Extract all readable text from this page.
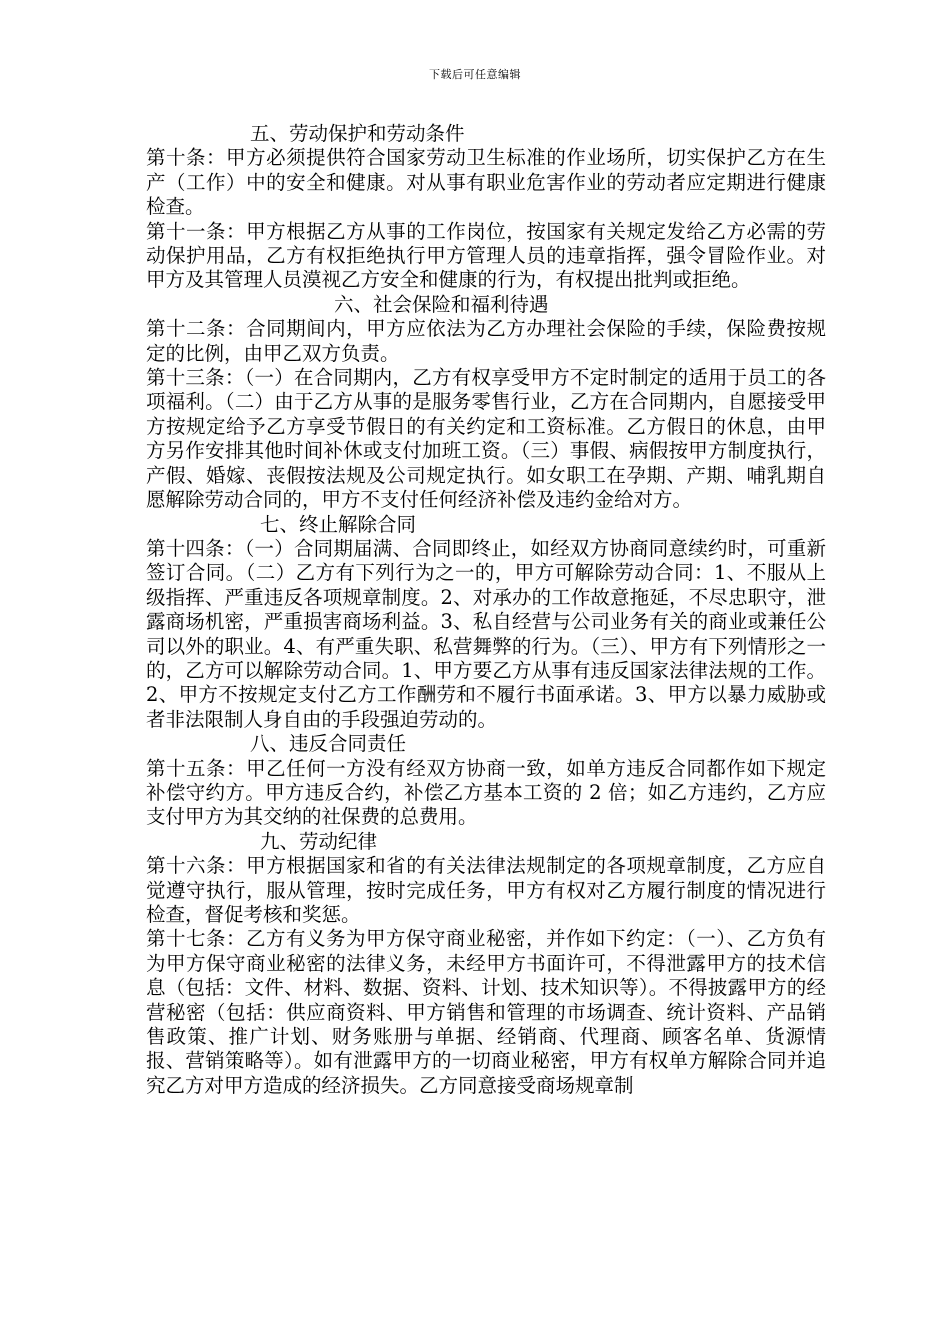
下载后可任意编辑
五、劳动保护和劳动条件

第十条：甲方必须提供符合国家劳动卫生标准的作业场所，切实保护乙方在生产（工作）中的安全和健康。对从事有职业危害作业的劳动者应定期进行健康检查。

第十一条：甲方根据乙方从事的工作岗位，按国家有关规定发给乙方必需的劳动保护用品，乙方有权拒绝执行甲方管理人员的违章指挥，强令冒险作业。对甲方及其管理人员漠视乙方安全和健康的行为，有权提出批判或拒绝。

六、社会保险和福利待遇

第十二条：合同期间内，甲方应依法为乙方办理社会保险的手续，保险费按规定的比例，由甲乙双方负责。

第十三条：（一）在合同期内，乙方有权享受甲方不定时制定的适用于员工的各项福利。（二）由于乙方从事的是服务零售行业，乙方在合同期内，自愿接受甲方按规定给予乙方享受节假日的有关约定和工资标准。乙方假日的休息，由甲方另作安排其他时间补休或支付加班工资。（三）事假、病假按甲方制度执行，产假、婚嫁、丧假按法规及公司规定执行。如女职工在孕期、产期、哺乳期自愿解除劳动合同的，甲方不支付任何经济补偿及违约金给对方。

七、终止解除合同

第十四条：（一）合同期届满、合同即终止，如经双方协商同意续约时，可重新签订合同。（二）乙方有下列行为之一的，甲方可解除劳动合同：1、不服从上级指挥、严重违反各项规章制度。2、对承办的工作故意拖延，不尽忠职守，泄露商场机密，严重损害商场利益。3、私自经营与公司业务有关的商业或兼任公司以外的职业。4、有严重失职、私营舞弊的行为。（三）、甲方有下列情形之一的，乙方可以解除劳动合同。1、甲方要乙方从事有违反国家法律法规的工作。2、甲方不按规定支付乙方工作酬劳和不履行书面承诺。3、甲方以暴力威胁或者非法限制人身自由的手段强迫劳动的。

八、违反合同责任

第十五条：甲乙任何一方没有经双方协商一致，如单方违反合同都作如下规定补偿守约方。甲方违反合约，补偿乙方基本工资的 2 倍；如乙方违约，乙方应支付甲方为其交纳的社保费的总费用。

九、劳动纪律

第十六条：甲方根据国家和省的有关法律法规制定的各项规章制度，乙方应自觉遵守执行，服从管理，按时完成任务，甲方有权对乙方履行制度的情况进行检查，督促考核和奖惩。

第十七条：乙方有义务为甲方保守商业秘密，并作如下约定：（一）、乙方负有为甲方保守商业秘密的法律义务，未经甲方书面许可，不得泄露甲方的技术信息（包括：文件、材料、数据、资料、计划、技术知识等）。不得披露甲方的经营秘密（包括：供应商资料、甲方销售和管理的市场调查、统计资料、产品销售政策、推广计划、财务账册与单据、经销商、代理商、顾客名单、货源情报、营销策略等）。如有泄露甲方的一切商业秘密，甲方有权单方解除合同并追究乙方对甲方造成的经济损失。乙方同意接受商场规章制
